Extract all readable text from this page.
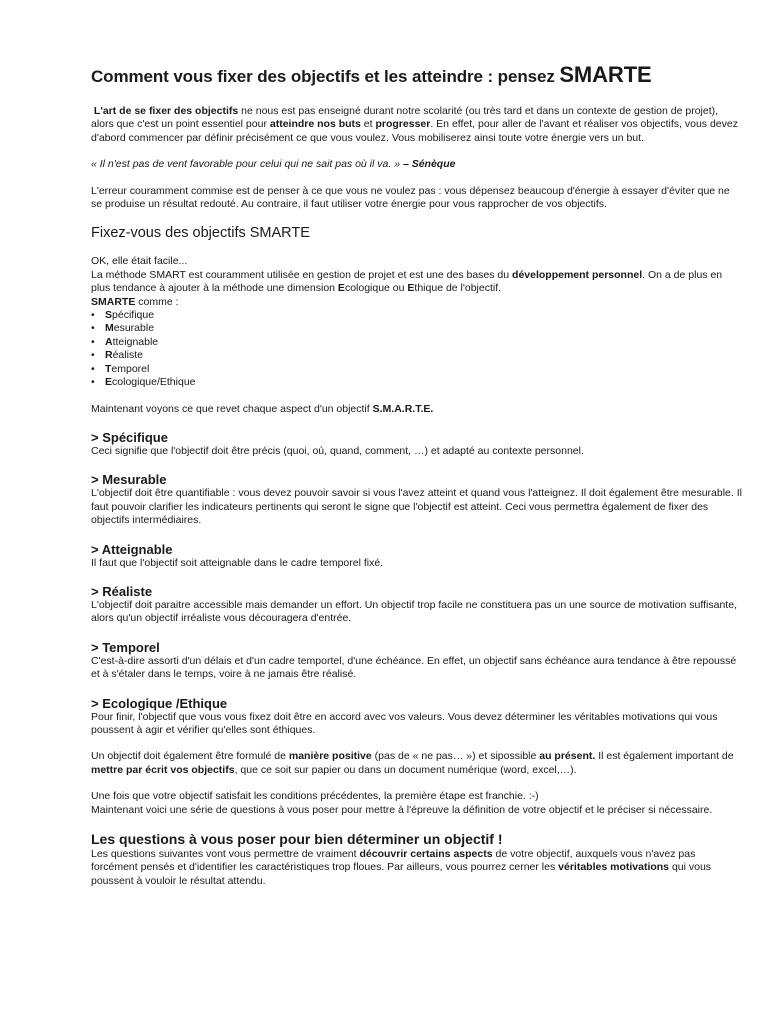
Comment vous fixer des objectifs et les atteindre : pensez SMARTE

L'art de se fixer des objectifs ne nous est pas enseigné durant notre scolarité (ou très tard et dans un contexte de gestion de projet), alors que c'est un point essentiel pour atteindre nos buts et progresser. En effet, pour aller de l'avant et réaliser vos objectifs, vous devez d'abord commencer par définir précisément ce que vous voulez. Vous mobiliserez ainsi toute votre énergie vers un but.

« Il n'est pas de vent favorable pour celui qui ne sait pas où il va. » – Sénèque

L'erreur couramment commise est de penser à ce que vous ne voulez pas : vous dépensez beaucoup d'énergie à essayer d'éviter que ne se produise un résultat redouté. Au contraire, il faut utiliser votre énergie pour vous rapprocher de vos objectifs.

Fixez-vous des objectifs SMARTE

OK, elle était facile...

La méthode SMART est couramment utilisée en gestion de projet et est une des bases du développement personnel. On a de plus en plus tendance à ajouter à la méthode une dimension Ecologique ou Ethique de l'objectif.

SMARTE comme :

• Spécifique
• Mesurable
• Atteignable
• Réaliste
• Temporel
• Ecologique/Ethique

Maintenant voyons ce que revet chaque aspect d'un objectif S.M.A.R.T.E.

> Spécifique

Ceci signifie que l'objectif doit être précis (quoi, où, quand, comment, …) et adapté au contexte personnel.

> Mesurable

L'objectif doit être quantifiable : vous devez pouvoir savoir si vous l'avez atteint et quand vous l'atteignez. Il doit également être mesurable. Il faut pouvoir clarifier les indicateurs pertinents qui seront le signe que l'objectif est atteint. Ceci vous permettra également de fixer des objectifs intermédiaires.

> Atteignable

Il faut que l'objectif soit atteignable dans le cadre temporel fixé.

> Réaliste

L'objectif doit paraitre accessible mais demander un effort. Un objectif trop facile ne constituera pas un une source de motivation suffisante, alors qu'un objectif irréaliste vous découragera d'entrée.

> Temporel

C'est-à-dire assorti d'un délais et d'un cadre temportel, d'une échéance. En effet, un objectif sans échéance aura tendance à être repoussé et à s'étaler dans le temps, voire à ne jamais être réalisé.

> Ecologique /Ethique

Pour finir, l'objectif que vous vous fixez doit être en accord avec vos valeurs. Vous devez déterminer les véritables motivations qui vous poussent à agir et vérifier qu'elles sont éthiques.

Un objectif doit également être formulé de manière positive (pas de « ne pas… ») et sipossible au présent. Il est également important de mettre par écrit vos objectifs, que ce soit sur papier ou dans un document numérique (word, excel,…).

Une fois que votre objectif satisfait les conditions précédentes, la première étape est franchie. :-)

Maintenant voici une série de questions à vous poser pour mettre à l'épreuve la définition de votre objectif et le préciser si nécessaire.

Les questions à vous poser pour bien déterminer un objectif !

Les questions suivantes vont vous permettre de vraiment découvrir certains aspects de votre objectif, auxquels vous n'avez pas forcément pensés et d'identifier les caractéristiques trop floues. Par ailleurs, vous pourrez cerner les véritables motivations qui vous poussent à vouloir le résultat attendu.
